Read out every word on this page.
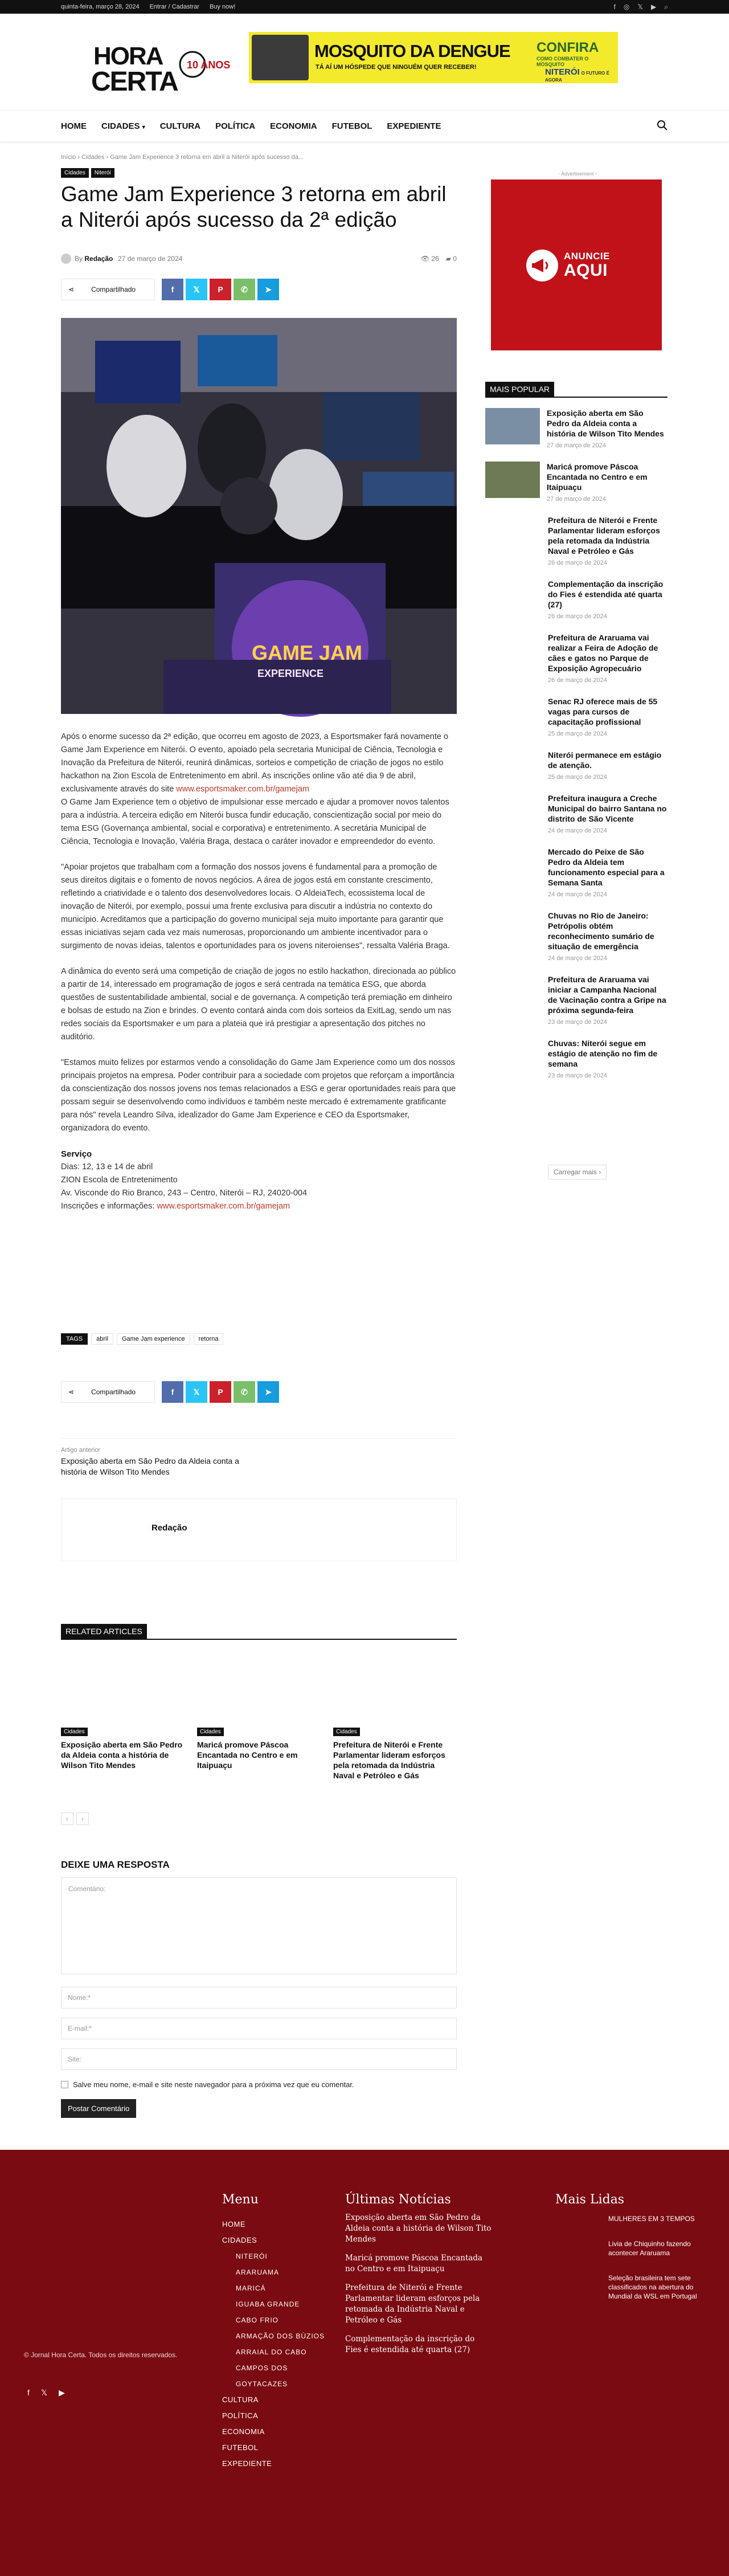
quinta-feira, março 28, 2024 Entrar / Cadastrar Buy now!	f ◎ 𝕏 ▶ ⌕
HORA
CERTA
10 ANOS
MOSQUITO DA DENGUE
TÁ AÍ UM HÓSPEDE QUE NINGUÉM QUER RECEBER!
CONFIRA
COMO COMBATER O MOSQUITO
NITERÓI O FUTURO É AGORA
HOME CIDADES ▾ CULTURA POLÍTICA ECONOMIA FUTEBOL EXPEDIENTE
Início › Cidades › Game Jam Experience 3 retorna em abril a Niterói após sucesso da...
Cidades	Niterói
Game Jam Experience 3 retorna em abril a Niterói após sucesso da 2ª edição
By Redação 27 de março de 2024	👁 26 ▰ 0
⋖	Compartilhado	f	𝕏	P	✆	➤
GAME JAM
EXPERIENCE

Após o enorme sucesso da 2ª edição, que ocorreu em agosto de 2023, a Esportsmaker fará novamente o Game Jam Experience em Niterói. O evento, apoiado pela secretaria Municipal de Ciência, Tecnologia e Inovação da Prefeitura de Niterói, reunirá dinâmicas, sorteios e competição de criação de jogos no estilo hackathon na Zion Escola de Entretenimento em abril. As inscrições online vão até dia 9 de abril, exclusivamente através do site www.esportsmaker.com.br/gamejam

O Game Jam Experience tem o objetivo de impulsionar esse mercado e ajudar a promover novos talentos para a indústria. A terceira edição em Niterói busca fundir educação, conscientização social por meio do tema ESG (Governança ambiental, social e corporativa) e entretenimento. A secretária Municipal de Ciência, Tecnologia e Inovação, Valéria Braga, destaca o caráter inovador e empreendedor do evento.

"Apoiar projetos que trabalham com a formação dos nossos jovens é fundamental para a promoção de seus direitos digitais e o fomento de novos negócios. A área de jogos está em constante crescimento, refletindo a criatividade e o talento dos desenvolvedores locais. O AldeiaTech, ecossistema local de inovação de Niterói, por exemplo, possui uma frente exclusiva para discutir a indústria no contexto do município. Acreditamos que a participação do governo municipal seja muito importante para garantir que essas iniciativas sejam cada vez mais numerosas, proporcionando um ambiente incentivador para o surgimento de novas ideias, talentos e oportunidades para os jovens niteroienses", ressalta Valéria Braga.

A dinâmica do evento será uma competição de criação de jogos no estilo hackathon, direcionada ao público a partir de 14, interessado em programação de jogos e será centrada na temática ESG, que aborda questões de sustentabilidade ambiental, social e de governança. A competição terá premiação em dinheiro e bolsas de estudo na Zion e brindes. O evento contará ainda com dois sorteios da ExitLag, sendo um nas redes sociais da Esportsmaker e um para a plateia que irá prestigiar a apresentação dos pitches no auditório.

"Estamos muito felizes por estarmos vendo a consolidação do Game Jam Experience como um dos nossos principais projetos na empresa. Poder contribuir para a sociedade com projetos que reforçam a importância da conscientização dos nossos jovens nos temas relacionados a ESG e gerar oportunidades reais para que possam seguir se desenvolvendo como indivíduos e também neste mercado é extremamente gratificante para nós" revela Leandro Silva, idealizador do Game Jam Experience e CEO da Esportsmaker, organizadora do evento.

Serviço
Dias: 12, 13 e 14 de abril
ZION Escola de Entretenimento
Av. Visconde do Rio Branco, 243 – Centro, Niterói – RJ, 24020-004
Inscrições e informações: www.esportsmaker.com.br/gamejam
TAGS	abril	Game Jam experience	retorna
⋖	Compartilhado	f	𝕏	P	✆	➤
Artigo anterior
Exposição aberta em São Pedro da Aldeia conta a história de Wilson Tito Mendes
Redação
RELATED ARTICLES
Cidades
Exposição aberta em São Pedro da Aldeia conta a história de Wilson Tito Mendes
Cidades
Maricá promove Páscoa Encantada no Centro e em Itaipuaçu
Cidades
Prefeitura de Niterói e Frente Parlamentar lideram esforços pela retomada da Indústria Naval e Petróleo e Gás
‹	›
DEIXE UMA RESPOSTA
Comentário:
Nome:*
E-mail:*
Site:
Salve meu nome, e-mail e site neste navegador para a próxima vez que eu comentar.
Postar Comentário
- Advertisement -
ANUNCIE
AQUI
MAIS POPULAR
Exposição aberta em São Pedro da Aldeia conta a história de Wilson Tito Mendes
27 de março de 2024
Maricá promove Páscoa Encantada no Centro e em Itaipuaçu
27 de março de 2024
Prefeitura de Niterói e Frente Parlamentar lideram esforços pela retomada da Indústria Naval e Petróleo e Gás
26 de março de 2024
Complementação da inscrição do Fies é estendida até quarta (27)
26 de março de 2024
Prefeitura de Araruama vai realizar a Feira de Adoção de cães e gatos no Parque de Exposição Agropecuário
26 de março de 2024
Senac RJ oferece mais de 55 vagas para cursos de capacitação profissional
25 de março de 2024
Niterói permanece em estágio de atenção.
25 de março de 2024
Prefeitura inaugura a Creche Municipal do bairro Santana no distrito de São Vicente
24 de março de 2024
Mercado do Peixe de São Pedro da Aldeia tem funcionamento especial para a Semana Santa
24 de março de 2024
Chuvas no Rio de Janeiro: Petrópolis obtém reconhecimento sumário de situação de emergência
24 de março de 2024
Prefeitura de Araruama vai iniciar a Campanha Nacional de Vacinação contra a Gripe na próxima segunda-feira
23 de março de 2024
Chuvas: Niterói segue em estágio de atenção no fim de semana
23 de março de 2024
Carregar mais ›
© Jornal Hora Certa. Todos os direitos reservados.
f 𝕏 ▶
Menu
HOME
CIDADES
NITERÓI
ARARUAMA
MARICÁ
IGUABA GRANDE
CABO FRIO
ARMAÇÃO DOS BÚZIOS
ARRAIAL DO CABO
CAMPOS DOS GOYTACAZES
CULTURA
POLÍTICA
ECONOMIA
FUTEBOL
EXPEDIENTE
Últimas Notícias
Exposição aberta em São Pedro da Aldeia conta a história de Wilson Tito Mendes
Maricá promove Páscoa Encantada no Centro e em Itaipuaçu
Prefeitura de Niterói e Frente Parlamentar lideram esforços pela retomada da Indústria Naval e Petróleo e Gás
Complementação da inscrição do Fies é estendida até quarta (27)
Mais Lidas
MULHERES EM 3 TEMPOS
Livia de Chiquinho fazendo acontecer Araruama
Seleção brasileira tem sete classificados na abertura do Mundial da WSL em Portugal
